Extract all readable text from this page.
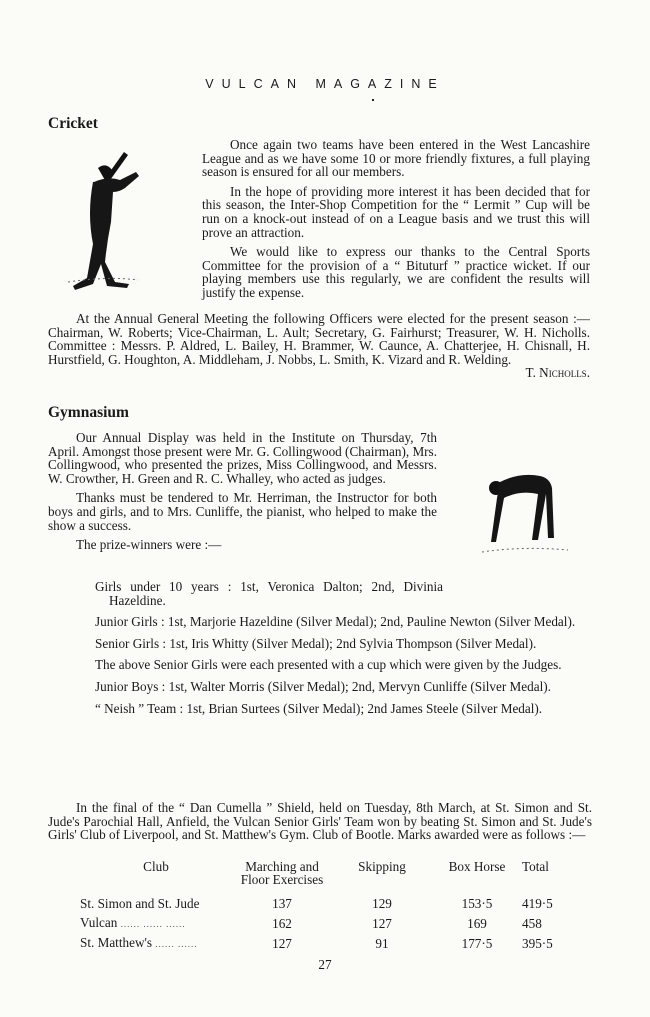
VULCAN MAGAZINE
Cricket

Once again two teams have been entered in the West Lancashire League and as we have some 10 or more friendly fixtures, a full playing season is ensured for all our members.

In the hope of providing more interest it has been decided that for this season, the Inter-Shop Competition for the “ Lermit ” Cup will be run on a knock-out instead of on a League basis and we trust this will prove an attraction.

We would like to express our thanks to the Central Sports Committee for the provision of a “ Bituturf ” practice wicket. If our playing members use this regularly, we are confident the results will justify the expense.

At the Annual General Meeting the following Officers were elected for the present season :—Chairman, W. Roberts; Vice-Chairman, L. Ault; Secretary, G. Fairhurst; Treasurer, W. H. Nicholls. Committee : Messrs. P. Aldred, L. Bailey, H. Brammer, W. Caunce, A. Chatterjee, H. Chisnall, H. Hurstfield, G. Houghton, A. Middleham, J. Nobbs, L. Smith, K. Vizard and R. Welding.
T. Nicholls.

Gymnasium

Our Annual Display was held in the Institute on Thursday, 7th April. Amongst those present were Mr. G. Collingwood (Chairman), Mrs. Collingwood, who presented the prizes, Miss Collingwood, and Messrs. W. Crowther, H. Green and R. C. Whalley, who acted as judges.

Thanks must be tendered to Mr. Herriman, the Instructor for both boys and girls, and to Mrs. Cunliffe, the pianist, who helped to make the show a success.

The prize-winners were :—

Girls under 10 years : 1st, Veronica Dalton; 2nd, Divinia Hazeldine.

Junior Girls : 1st, Marjorie Hazeldine (Silver Medal); 2nd, Pauline Newton (Silver Medal).

Senior Girls : 1st, Iris Whitty (Silver Medal); 2nd Sylvia Thompson (Silver Medal).

The above Senior Girls were each presented with a cup which were given by the Judges.

Junior Boys : 1st, Walter Morris (Silver Medal); 2nd, Mervyn Cunliffe (Silver Medal).

“ Neish ” Team : 1st, Brian Surtees (Silver Medal); 2nd James Steele (Silver Medal).

In the final of the “ Dan Cumella ” Shield, held on Tuesday, 8th March, at St. Simon and St. Jude's Parochial Hall, Anfield, the Vulcan Senior Girls' Team won by beating St. Simon and St. Jude's Girls' Club of Liverpool, and St. Matthew's Gym. Club of Bootle. Marks awarded were as follows :—

Club	Marching and Floor Exercises	Skipping	Box Horse	Total

St. Simon and St. Jude	137	129	153·5	419·5
Vulcan ...... ...... ......	162	127	169	458
St. Matthew's ...... ......	127	91	177·5	395·5
27
